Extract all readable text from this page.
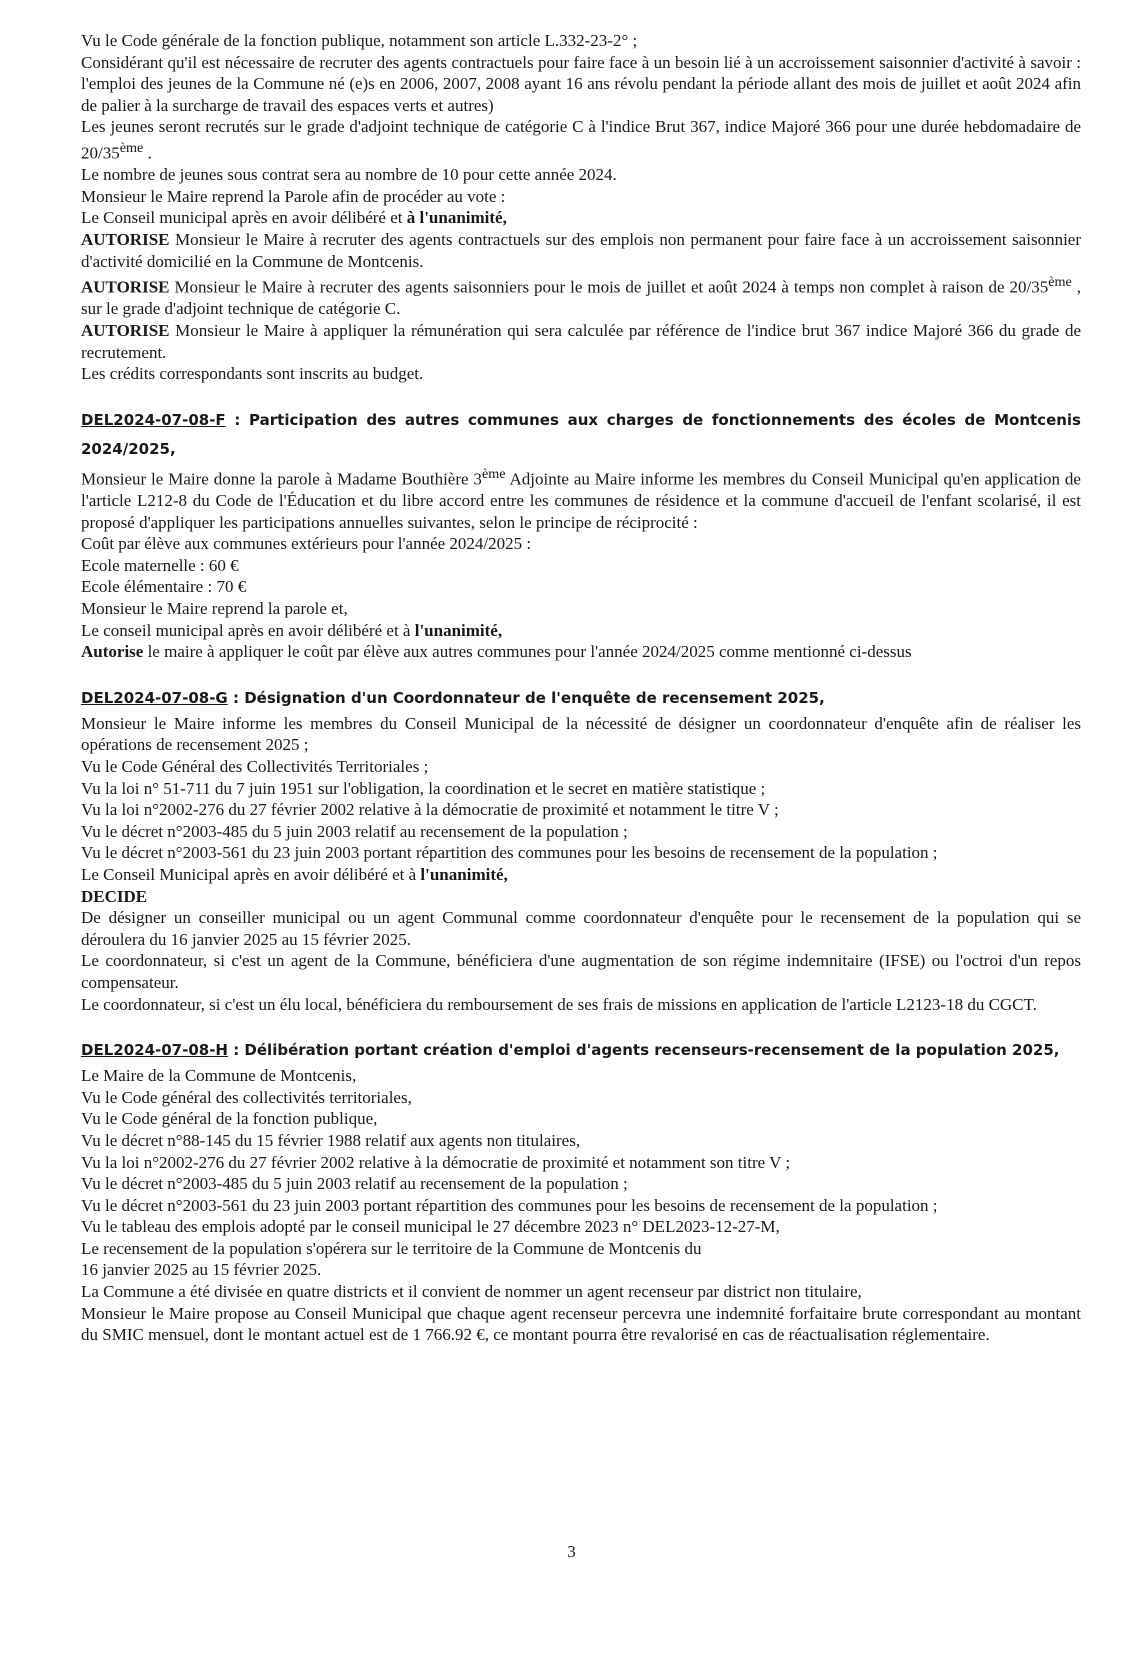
Vu le Code générale de la fonction publique, notamment son article L.332-23-2° ;

Considérant qu'il est nécessaire de recruter des agents contractuels pour faire face à un besoin lié à un accroissement saisonnier d'activité à savoir : l'emploi des jeunes de la Commune né (e)s en 2006, 2007, 2008 ayant 16 ans révolu pendant la période allant des mois de juillet et août 2024 afin de palier à la surcharge de travail des espaces verts et autres)

Les jeunes seront recrutés sur le grade d'adjoint technique de catégorie C à l'indice Brut 367, indice Majoré 366 pour une durée hebdomadaire de 20/35ème .

Le nombre de jeunes sous contrat sera au nombre de 10 pour cette année 2024.

Monsieur le Maire reprend la Parole afin de procéder au vote :

Le Conseil municipal après en avoir délibéré et à l'unanimité,

AUTORISE Monsieur le Maire à recruter des agents contractuels sur des emplois non permanent pour faire face à un accroissement saisonnier d'activité domicilié en la Commune de Montcenis.

AUTORISE Monsieur le Maire à recruter des agents saisonniers pour le mois de juillet et août 2024 à temps non complet à raison de 20/35ème , sur le grade d'adjoint technique de catégorie C.

AUTORISE Monsieur le Maire à appliquer la rémunération qui sera calculée par référence de l'indice brut 367 indice Majoré 366 du grade de recrutement.

Les crédits correspondants sont inscrits au budget.

DEL2024-07-08-F : Participation des autres communes aux charges de fonctionnements des écoles de Montcenis 2024/2025,

Monsieur le Maire donne la parole à Madame Bouthière 3ème Adjointe au Maire informe les membres du Conseil Municipal qu'en application de l'article L212-8 du Code de l'Éducation et du libre accord entre les communes de résidence et la commune d'accueil de l'enfant scolarisé, il est proposé d'appliquer les participations annuelles suivantes, selon le principe de réciprocité :

Coût par élève aux communes extérieurs pour l'année 2024/2025 :

Ecole maternelle : 60 €

Ecole élémentaire : 70 €

Monsieur le Maire reprend la parole et,

Le conseil municipal après en avoir délibéré et à l'unanimité,

Autorise le maire à appliquer le coût par élève aux autres communes pour l'année 2024/2025 comme mentionné ci-dessus

DEL2024-07-08-G : Désignation d'un Coordonnateur de l'enquête de recensement 2025,

Monsieur le Maire informe les membres du Conseil Municipal de la nécessité de désigner un coordonnateur d'enquête afin de réaliser les opérations de recensement 2025 ;

Vu le Code Général des Collectivités Territoriales ;

Vu la loi n° 51-711 du 7 juin 1951 sur l'obligation, la coordination et le secret en matière statistique ;

Vu la loi n°2002-276 du 27 février 2002 relative à la démocratie de proximité et notamment le titre V ;

Vu le décret n°2003-485 du 5 juin 2003 relatif au recensement de la population ;

Vu le décret n°2003-561 du 23 juin 2003 portant répartition des communes pour les besoins de recensement de la population ;

Le Conseil Municipal après en avoir délibéré et à l'unanimité,

DECIDE

De désigner un conseiller municipal ou un agent Communal comme coordonnateur d'enquête pour le recensement de la population qui se déroulera du 16 janvier 2025 au 15 février 2025.

Le coordonnateur, si c'est un agent de la Commune, bénéficiera d'une augmentation de son régime indemnitaire (IFSE) ou l'octroi d'un repos compensateur.

Le coordonnateur, si c'est un élu local, bénéficiera du remboursement de ses frais de missions en application de l'article L2123-18 du CGCT.

DEL2024-07-08-H : Délibération portant création d'emploi d'agents recenseurs-recensement de la population 2025,

Le Maire de la Commune de Montcenis,

Vu le Code général des collectivités territoriales,

Vu le Code général de la fonction publique,

Vu le décret n°88-145 du 15 février 1988 relatif aux agents non titulaires,

Vu la loi n°2002-276 du 27 février 2002 relative à la démocratie de proximité et notamment son titre V ;

Vu le décret n°2003-485 du 5 juin 2003 relatif au recensement de la population ;

Vu le décret n°2003-561 du 23 juin 2003 portant répartition des communes pour les besoins de recensement de la population ;

Vu le tableau des emplois adopté par le conseil municipal le 27 décembre 2023 n° DEL2023-12-27-M,

Le recensement de la population s'opérera sur le territoire de la Commune de Montcenis du

16 janvier 2025 au 15 février 2025.

La Commune a été divisée en quatre districts et il convient de nommer un agent recenseur par district non titulaire,

Monsieur le Maire propose au Conseil Municipal que chaque agent recenseur percevra une indemnité forfaitaire brute correspondant au montant du SMIC mensuel, dont le montant actuel est de 1 766.92 €, ce montant pourra être revalorisé en cas de réactualisation réglementaire.

3
